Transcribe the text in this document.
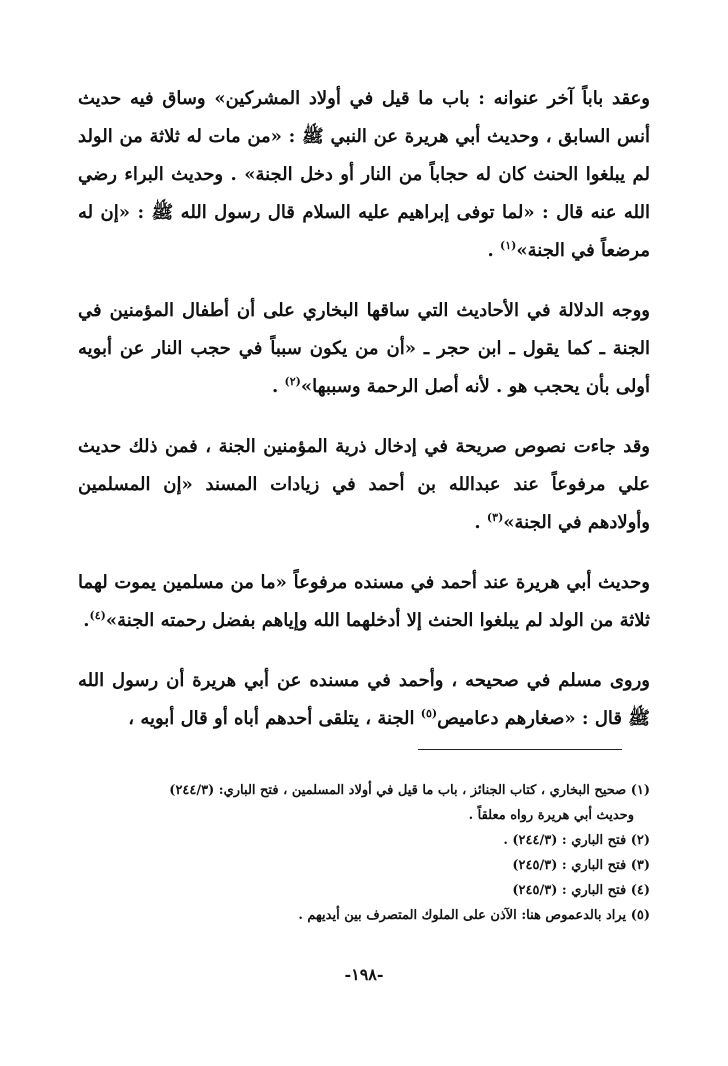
وعقد باباً آخر عنوانه : باب ما قيل في أولاد المشركين» وساق فيه حديث أنس السابق ، وحديث أبي هريرة عن النبي ﷺ : «من مات له ثلاثة من الولد لم يبلغوا الحنث كان له حجاباً من النار أو دخل الجنة» . وحديث البراء رضي الله عنه قال : «لما توفى إبراهيم عليه السلام قال رسول الله ﷺ : «إن له مرضعاً في الجنة»$^{(١)}$ .

ووجه الدلالة في الأحاديث التي ساقها البخاري على أن أطفال المؤمنين في الجنة ـ كما يقول ـ ابن حجر ـ «أن من يكون سبباً في حجب النار عن أبويه أولى بأن يحجب هو . لأنه أصل الرحمة وسببها»$^{(٢)}$ .

وقد جاءت نصوص صريحة في إدخال ذرية المؤمنين الجنة ، فمن ذلك حديث علي مرفوعاً عند عبدالله بن أحمد في زيادات المسند «إن المسلمين وأولادهم في الجنة»$^{(٣)}$ .

وحديث أبي هريرة عند أحمد في مسنده مرفوعاً «ما من مسلمين يموت لهما ثلاثة من الولد لم يبلغوا الحنث إلا أدخلهما الله وإياهم بفضل رحمته الجنة»$^{(٤)}$.

وروى مسلم في صحيحه ، وأحمد في مسنده عن أبي هريرة أن رسول الله ﷺ قال : «صغارهم دعاميص$^{(٥)}$ الجنة ، يتلقى أحدهم أباه أو قال أبويه ،

(١) صحيح البخاري ، كتاب الجنائز ، باب ما قيل في أولاد المسلمين ، فتح الباري: (٢٤٤/٣)

وحديث أبي هريرة رواه معلقاً .

(٢) فتح الباري : (٢٤٤/٣) .

(٣) فتح الباري : (٢٤٥/٣)

(٤) فتح الباري : (٢٤٥/٣)

(٥) يراد بالدعموص هنا: الآذن على الملوك المتصرف بين أيديهم .

-١٩٨-
